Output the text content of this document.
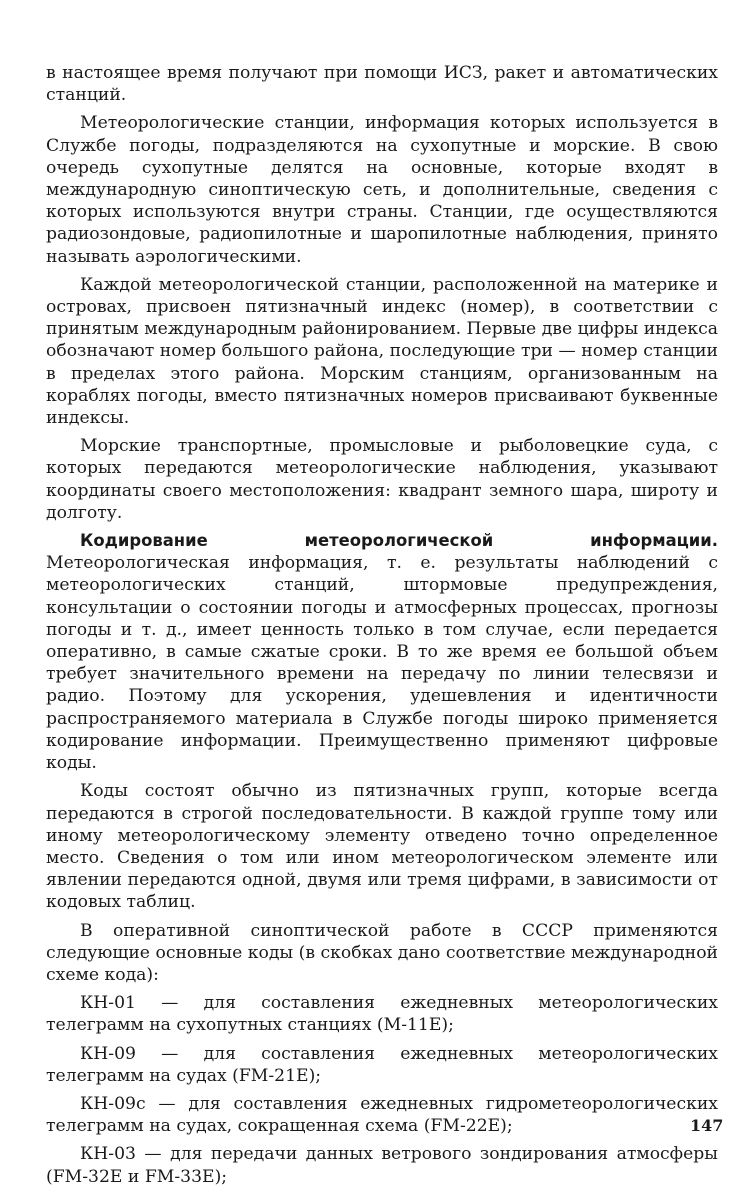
в настоящее время получают при помощи ИСЗ, ракет и автоматических станций.

Метеорологические станции, информация которых используется в Службе погоды, подразделяются на сухопутные и морские. В свою очередь сухопутные делятся на основные, которые входят в международную синоптическую сеть, и дополнительные, сведения с которых используются внутри страны. Станции, где осуществляются радиозондовые, радиопилотные и шаропилотные наблюдения, принято называть аэрологическими.

Каждой метеорологической станции, расположенной на материке и островах, присвоен пятизначный индекс (номер), в соответствии с принятым международным районированием. Первые две цифры индекса обозначают номер большого района, последующие три — номер станции в пределах этого района. Морским станциям, организованным на кораблях погоды, вместо пятизначных номеров присваивают буквенные индексы.

Морские транспортные, промысловые и рыболовецкие суда, с которых передаются метеорологические наблюдения, указывают координаты своего местоположения: квадрант земного шара, широту и долготу.

Кодирование метеорологической информации. Метеорологическая информация, т. е. результаты наблюдений с метеорологических станций, штормовые предупреждения, консультации о состоянии погоды и атмосферных процессах, прогнозы погоды и т. д., имеет ценность только в том случае, если передается оперативно, в самые сжатые сроки. В то же время ее большой объем требует значительного времени на передачу по линии телесвязи и радио. Поэтому для ускорения, удешевления и идентичности распространяемого материала в Службе погоды широко применяется кодирование информации. Преимущественно применяют цифровые коды.

Коды состоят обычно из пятизначных групп, которые всегда передаются в строгой последовательности. В каждой группе тому или иному метеорологическому элементу отведено точно определенное место. Сведения о том или ином метеорологическом элементе или явлении передаются одной, двумя или тремя цифрами, в зависимости от кодовых таблиц.

В оперативной синоптической работе в СССР применяются следующие основные коды (в скобках дано соответствие международной схеме кода):

КН-01 — для составления ежедневных метеорологических телеграмм на сухопутных станциях (М-11Е);

КН-09 — для составления ежедневных метеорологических телеграмм на судах (FM-21E);

КН-09с — для составления ежедневных гидрометеорологических телеграмм на судах, сокращенная схема (FM-22E);

КН-03 — для передачи данных ветрового зондирования атмосферы (FM-32E и FM-33E);

147
